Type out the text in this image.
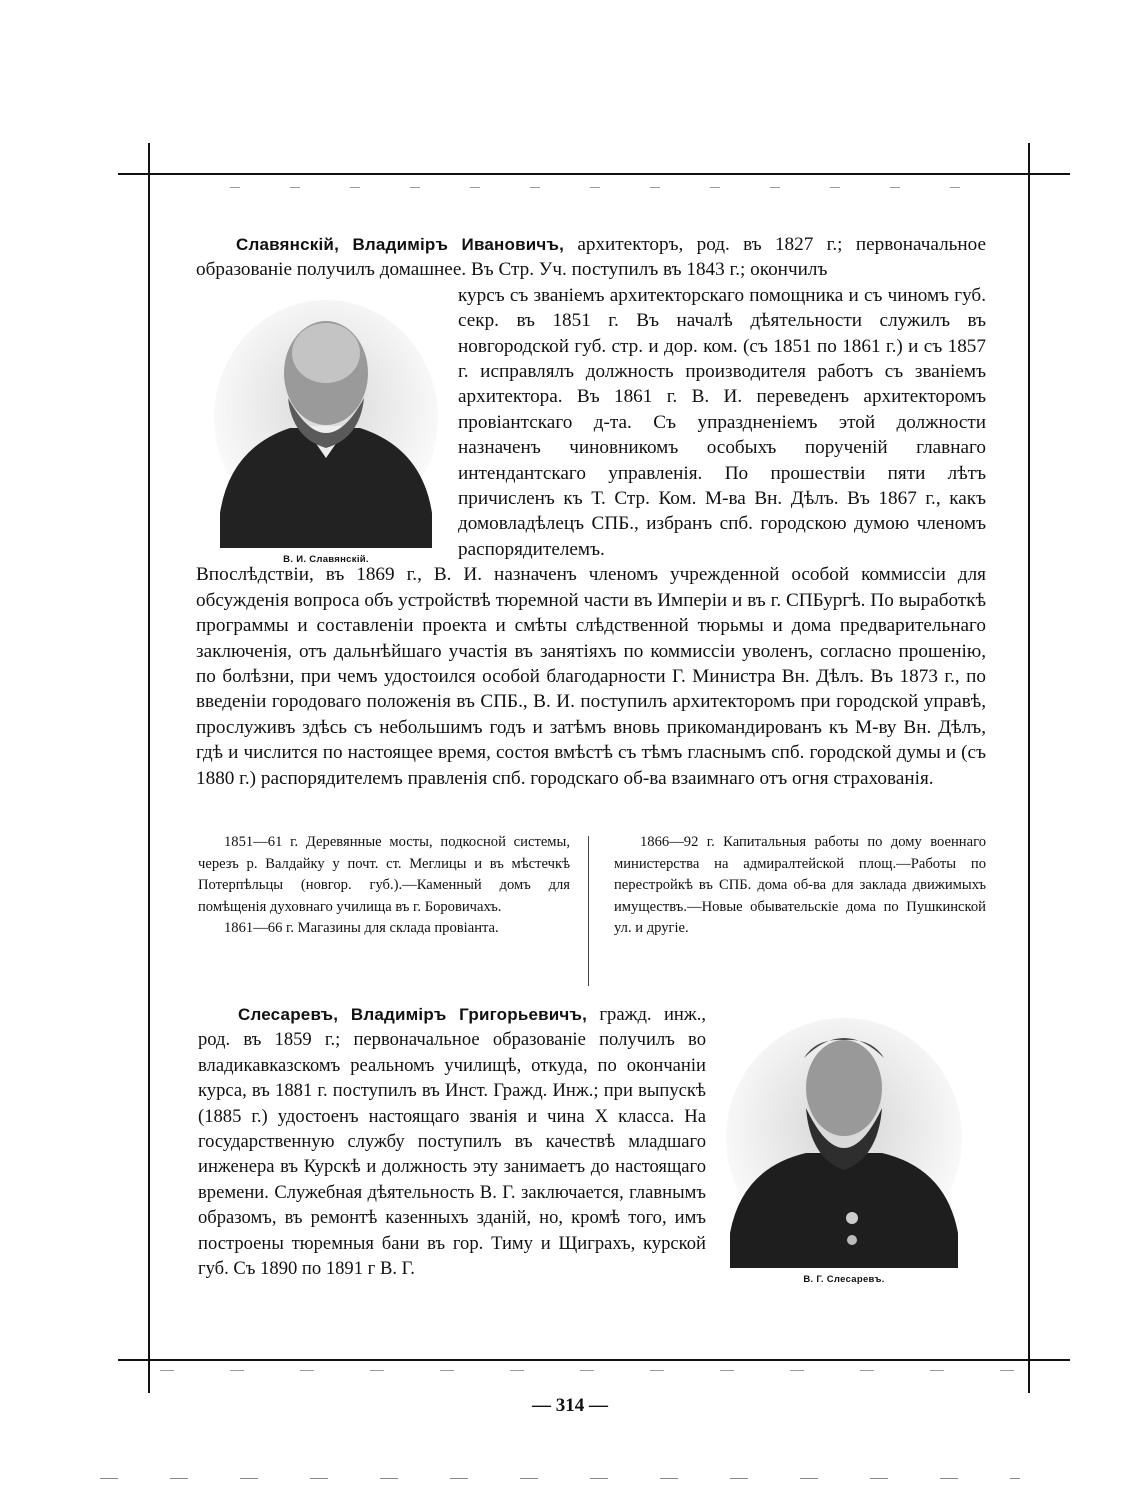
Славянскій, Владиміръ Ивановичъ, архитекторъ, род. въ 1827 г.; первоначальное образованіе получилъ домашнее. Въ Стр. Уч. поступилъ въ 1843 г.; окончилъ

курсъ съ званіемъ архитекторскаго помощника и съ чиномъ губ. секр. въ 1851 г. Въ началѣ дѣятельности служилъ въ новгородской губ. стр. и дор. ком. (съ 1851 по 1861 г.) и съ 1857 г. исправлялъ должность производителя работъ съ званіемъ архитектора. Въ 1861 г. В. И. переведенъ архитекторомъ провіантскаго д-та. Съ упраздненіемъ этой должности назначенъ чиновникомъ особыхъ порученій главнаго интендантскаго управленія. По прошествіи пяти лѣтъ причисленъ къ Т. Стр. Ком. М-ва Вн. Дѣлъ. Въ 1867 г., какъ домовладѣлецъ СПБ., избранъ спб. городскою думою членомъ распорядителемъ.

Впослѣдствіи, въ 1869 г., В. И. назначенъ членомъ учрежденной особой коммиссіи для обсужденія вопроса объ устройствѣ тюремной части въ Имперіи и въ г. СПБургѣ. По выработкѣ программы и составленіи проекта и смѣты слѣдственной тюрьмы и дома предварительнаго заключенія, отъ дальнѣйшаго участія въ занятіяхъ по коммиссіи уволенъ, согласно прошенію, по болѣзни, при чемъ удостоился особой благодарности Г. Министра Вн. Дѣлъ. Въ 1873 г., по введеніи городоваго положенія въ СПБ., В. И. поступилъ архитекторомъ при городской управѣ, прослуживъ здѣсь съ небольшимъ годъ и затѣмъ вновь прикомандированъ къ М-ву Вн. Дѣлъ, гдѣ и числится по настоящее время, состоя вмѣстѣ съ тѣмъ гласнымъ спб. городской думы и (съ 1880 г.) распорядителемъ правленія спб. городскаго об-ва взаимнаго отъ огня страхованія.

В. И. Славянскій.

1851—61 г. Деревянные мосты, подкосной системы, черезъ р. Валдайку у почт. ст. Меглицы и въ мѣстечкѣ Потерпѣльцы (новгор. губ.).—Каменный домъ для помѣщенія духовнаго училища въ г. Боровичахъ.

1861—66 г. Магазины для склада провіанта.

1866—92 г. Капитальныя работы по дому военнаго министерства на адмиралтейской площ.—Работы по перестройкѣ въ СПБ. дома об-ва для заклада движимыхъ имуществъ.—Новые обывательскіе дома по Пушкинской ул. и другіе.

Слесаревъ, Владиміръ Григорьевичъ, гражд. инж., род. въ 1859 г.; первоначальное образованіе получилъ во владикавказскомъ реальномъ училищѣ, откуда, по окончаніи курса, въ 1881 г. поступилъ въ Инст. Гражд. Инж.; при выпускѣ (1885 г.) удостоенъ настоящаго званія и чина X класса. На государственную службу поступилъ въ качествѣ младшаго инженера въ Курскѣ и должность эту занимаетъ до настоящаго времени. Служебная дѣятельность В. Г. заключается, главнымъ образомъ, въ ремонтѣ казенныхъ зданій, но, кромѣ того, имъ построены тюремныя бани въ гор. Тиму и Щиграхъ, курской губ. Съ 1890 по 1891 г В. Г.

В. Г. Слесаревъ.
— 314 —
